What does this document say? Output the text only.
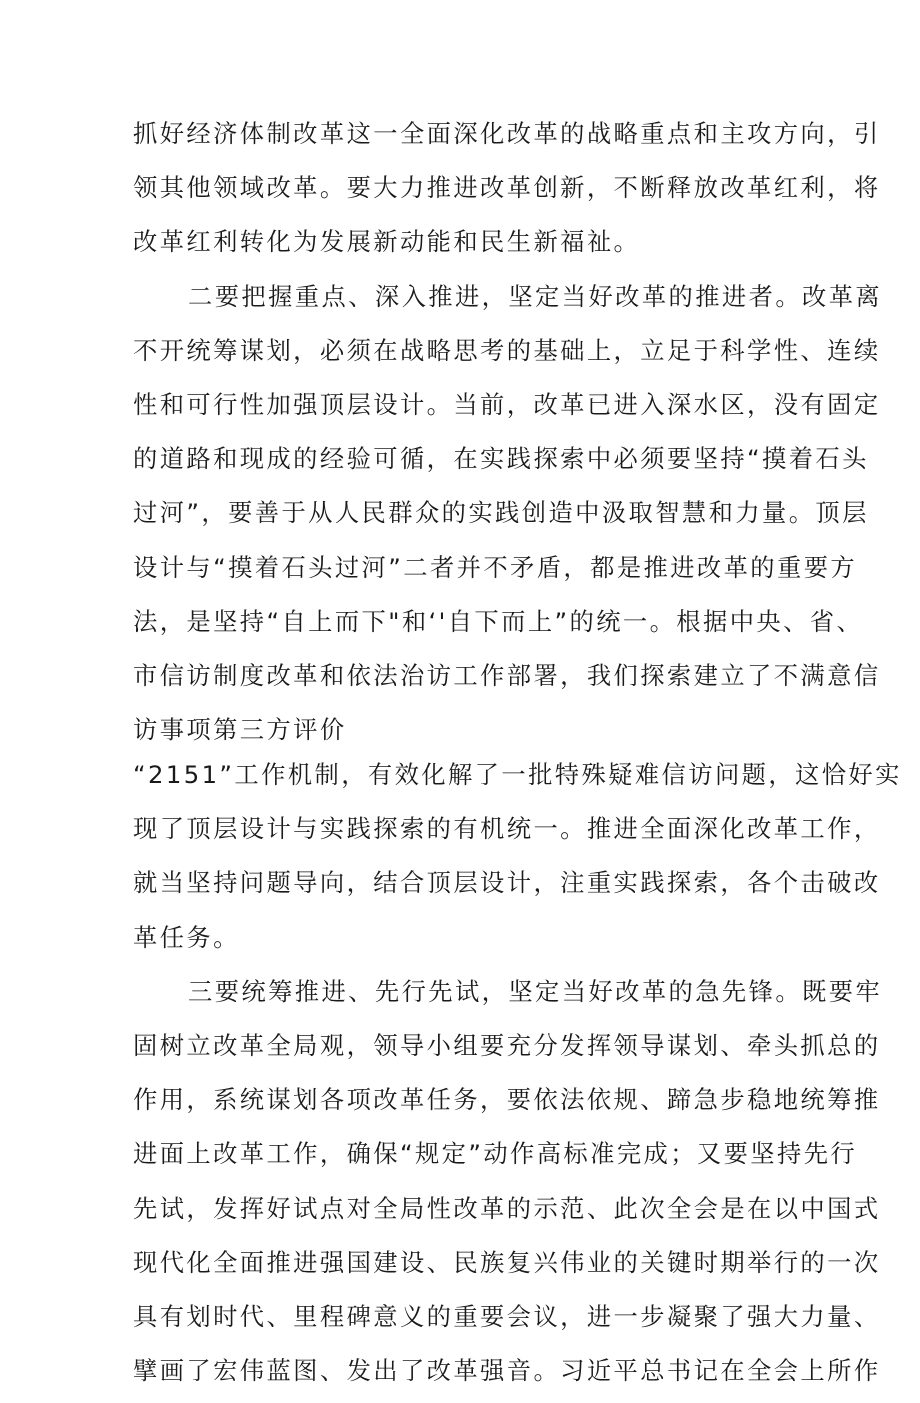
抓好经济体制改革这一全面深化改革的战略重点和主攻方向，引
领其他领域改革。要大力推进改革创新，不断释放改革红利，将
改革红利转化为发展新动能和民生新福祉。
二要把握重点、深入推进，坚定当好改革的推进者。改革离
不开统筹谋划，必须在战略思考的基础上，立足于科学性、连续
性和可行性加强顶层设计。当前，改革已进入深水区，没有固定
的道路和现成的经验可循，在实践探索中必须要坚持“摸着石头
过河”，要善于从人民群众的实践创造中汲取智慧和力量。顶层
设计与“摸着石头过河”二者并不矛盾，都是推进改革的重要方
法，是坚持“自上而下"和‘'自下而上”的统一。根据中央、省、
市信访制度改革和依法治访工作部署，我们探索建立了不满意信
访事项第三方评价
“2151”工作机制，有效化解了一批特殊疑难信访问题，这恰好实
现了顶层设计与实践探索的有机统一。推进全面深化改革工作，
就当坚持问题导向，结合顶层设计，注重实践探索，各个击破改
革任务。
三要统筹推进、先行先试，坚定当好改革的急先锋。既要牢
固树立改革全局观，领导小组要充分发挥领导谋划、牵头抓总的
作用，系统谋划各项改革任务，要依法依规、蹄急步稳地统筹推
进面上改革工作，确保“规定”动作高标准完成；又要坚持先行
先试，发挥好试点对全局性改革的示范、此次全会是在以中国式
现代化全面推进强国建设、民族复兴伟业的关键时期举行的一次
具有划时代、里程碑意义的重要会议，进一步凝聚了强大力量、
擘画了宏伟蓝图、发出了改革强音。习近平总书记在全会上所作
